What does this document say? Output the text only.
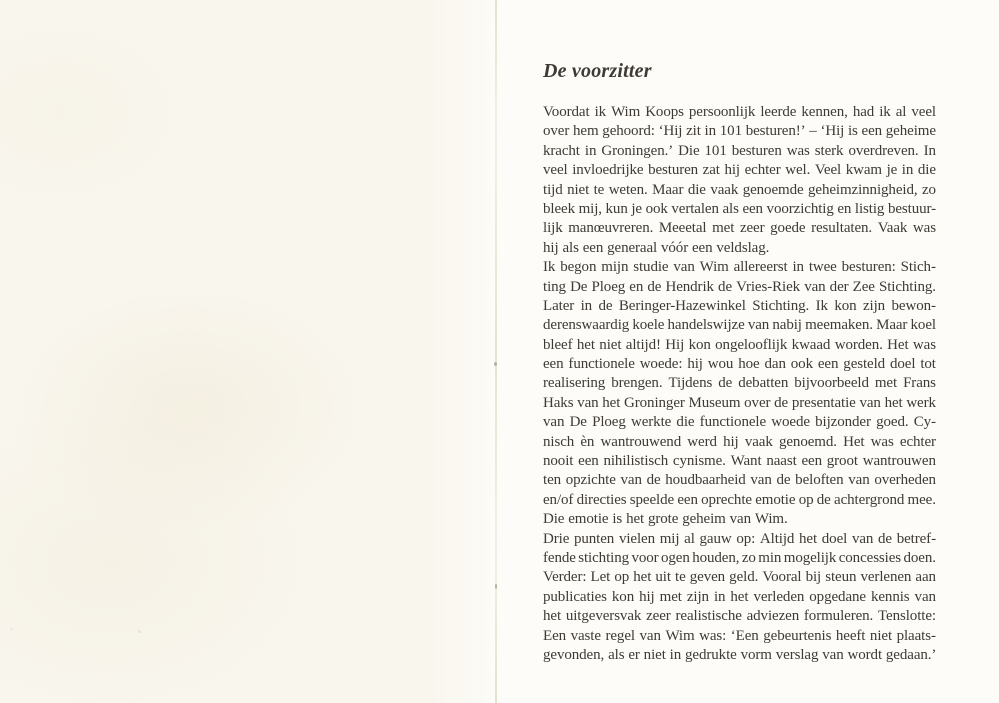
De voorzitter
Voordat ik Wim Koops persoonlijk leerde kennen, had ik al veel
over hem gehoord: ‘Hij zit in 101 besturen!’ – ‘Hij is een geheime
kracht in Groningen.’ Die 101 besturen was sterk overdreven. In
veel invloedrijke besturen zat hij echter wel. Veel kwam je in die
tijd niet te weten. Maar die vaak genoemde geheimzinnigheid, zo
bleek mij, kun je ook vertalen als een voorzichtig en listig bestuur-
lijk manœuvreren. Meeetal met zeer goede resultaten. Vaak was
hij als een generaal vóór een veldslag.
Ik begon mijn studie van Wim allereerst in twee besturen: Stich-
ting De Ploeg en de Hendrik de Vries-Riek van der Zee Stichting.
Later in de Beringer-Hazewinkel Stichting. Ik kon zijn bewon-
derenswaardig koele handelswijze van nabij meemaken. Maar koel
bleef het niet altijd! Hij kon ongelooflijk kwaad worden. Het was
een functionele woede: hij wou hoe dan ook een gesteld doel tot
realisering brengen. Tijdens de debatten bijvoorbeeld met Frans
Haks van het Groninger Museum over de presentatie van het werk
van De Ploeg werkte die functionele woede bijzonder goed. Cy-
nisch èn wantrouwend werd hij vaak genoemd. Het was echter
nooit een nihilistisch cynisme. Want naast een groot wantrouwen
ten opzichte van de houdbaarheid van de beloften van overheden
en/of directies speelde een oprechte emotie op de achtergrond mee.
Die emotie is het grote geheim van Wim.
Drie punten vielen mij al gauw op: Altijd het doel van de betref-
fende stichting voor ogen houden, zo min mogelijk concessies doen.
Verder: Let op het uit te geven geld. Vooral bij steun verlenen aan
publicaties kon hij met zijn in het verleden opgedane kennis van
het uitgeversvak zeer realistische adviezen formuleren. Tenslotte:
Een vaste regel van Wim was: ‘Een gebeurtenis heeft niet plaats-
gevonden, als er niet in gedrukte vorm verslag van wordt gedaan.’
